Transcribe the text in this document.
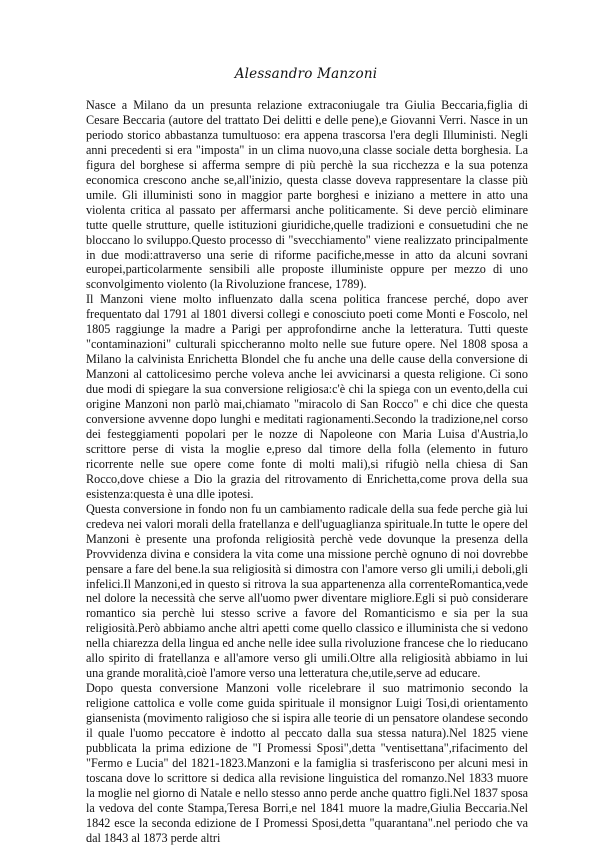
Alessandro Manzoni

Nasce a Milano da un presunta relazione extraconiugale tra Giulia Beccaria,figlia di Cesare Beccaria (autore del trattato Dei delitti e delle pene),e Giovanni Verri. Nasce in un periodo storico abbastanza tumultuoso: era appena trascorsa l'era degli Illuministi. Negli anni precedenti si era "imposta" in un clima nuovo,una classe sociale detta borghesia. La figura del borghese si afferma sempre di più perchè la sua ricchezza e la sua potenza economica crescono anche se,all'inizio, questa classe doveva rappresentare la classe più umile. Gli illuministi sono in maggior parte borghesi e iniziano a mettere in atto una violenta critica al passato per affermarsi anche politicamente. Si deve perciò eliminare tutte quelle strutture, quelle istituzioni giuridiche,quelle tradizioni e consuetudini che ne bloccano lo sviluppo.Questo processo di "svecchiamento" viene realizzato principalmente in due modi:attraverso una serie di riforme pacifiche,messe in atto da alcuni sovrani europei,particolarmente sensibili alle proposte illuministe oppure per mezzo di uno sconvolgimento violento (la Rivoluzione francese, 1789).

Il Manzoni viene molto influenzato dalla scena politica francese perché, dopo aver frequentato dal 1791 al 1801 diversi collegi e conosciuto poeti come Monti e Foscolo, nel 1805 raggiunge la madre a Parigi per approfondirne anche la letteratura. Tutti queste "contaminazioni" culturali spiccheranno molto nelle sue future opere. Nel 1808 sposa a Milano la calvinista Enrichetta Blondel che fu anche una delle cause della conversione di Manzoni al cattolicesimo perche voleva anche lei avvicinarsi a questa religione. Ci sono due modi di spiegare la sua conversione religiosa:c'è chi la spiega con un evento,della cui origine Manzoni non parlò mai,chiamato "miracolo di San Rocco" e chi dice che questa conversione avvenne dopo lunghi e meditati ragionamenti.Secondo la tradizione,nel corso dei festeggiamenti popolari per le nozze di Napoleone con Maria Luisa d'Austria,lo scrittore perse di vista la moglie e,preso dal timore della folla (elemento in futuro ricorrente nelle sue opere come fonte di molti mali),si rifugiò nella chiesa di San Rocco,dove chiese a Dio la grazia del ritrovamento di Enrichetta,come prova della sua esistenza:questa è una dlle ipotesi.

Questa conversione in fondo non fu un cambiamento radicale della sua fede perche già lui credeva nei valori morali della fratellanza e dell'uguaglianza spirituale.In tutte le opere del Manzoni è presente una profonda religiosità perchè vede dovunque la presenza della Provvidenza divina e considera la vita come una missione perchè ognuno di noi dovrebbe pensare a fare del bene.la sua religiosità si dimostra con l'amore verso gli umili,i deboli,gli infelici.Il Manzoni,ed in questo si ritrova la sua appartenenza alla correnteRomantica,vede nel dolore la necessità che serve all'uomo pwer diventare migliore.Egli si può considerare romantico sia perchè lui stesso scrive a favore del Romanticismo e sia per la sua religiosità.Però abbiamo anche altri apetti come quello classico e illuminista che si vedono nella chiarezza della lingua ed anche nelle idee sulla rivoluzione francese che lo rieducano allo spirito di fratellanza e all'amore verso gli umili.Oltre alla religiosità abbiamo in lui una grande moralità,cioè l'amore verso una letteratura che,utile,serve ad educare.

Dopo questa conversione Manzoni volle ricelebrare il suo matrimonio secondo la religione cattolica e volle come guida spirituale il monsignor Luigi Tosi,di orientamento giansenista (movimento raligioso che si ispira alle teorie di un pensatore olandese secondo il quale l'uomo peccatore è indotto al peccato dalla sua stessa natura).Nel 1825 viene pubblicata la prima edizione de "I Promessi Sposi",detta "ventisettana",rifacimento del "Fermo e Lucia" del 1821-1823.Manzoni e la famiglia si trasferiscono per alcuni mesi in toscana dove lo scrittore si dedica alla revisione linguistica del romanzo.Nel 1833 muore la moglie nel giorno di Natale e nello stesso anno perde anche quattro figli.Nel 1837 sposa la vedova del conte Stampa,Teresa Borri,e nel 1841 muore la madre,Giulia Beccaria.Nel 1842 esce la seconda edizione de I Promessi Sposi,detta "quarantana".nel periodo che va dal 1843 al 1873 perde altri
